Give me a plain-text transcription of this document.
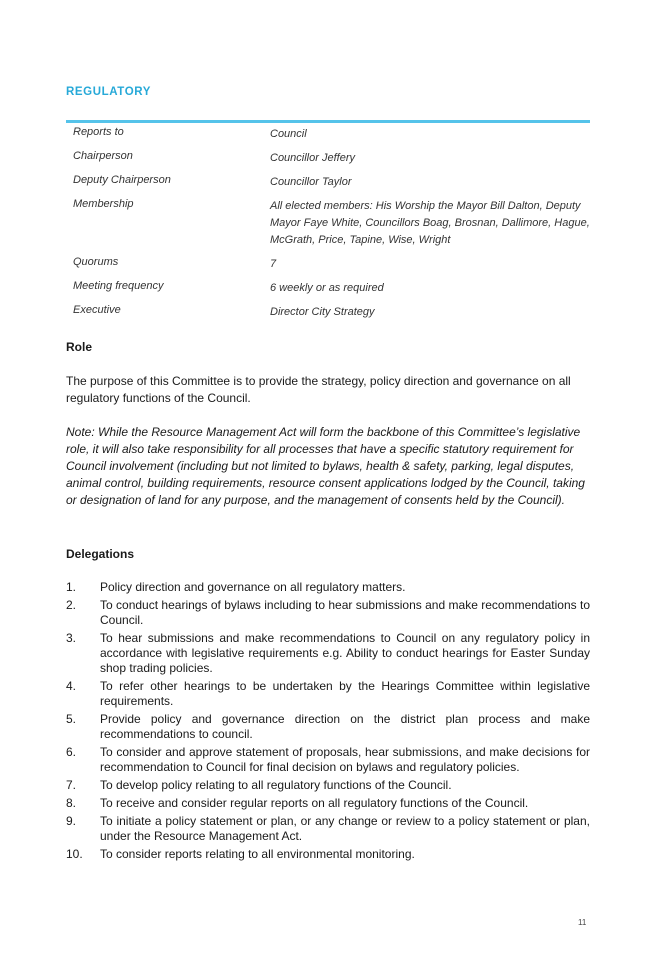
REGULATORY
Reports to	Council
Chairperson	Councillor Jeffery
Deputy Chairperson	Councillor Taylor
Membership	All elected members: His Worship the Mayor Bill Dalton, Deputy Mayor Faye White, Councillors Boag, Brosnan, Dallimore, Hague, McGrath, Price, Tapine, Wise, Wright
Quorums	7
Meeting frequency	6 weekly or as required
Executive	Director City Strategy
Role
The purpose of this Committee is to provide the strategy, policy direction and governance on all regulatory functions of the Council.
Note: While the Resource Management Act will form the backbone of this Committee’s legislative role, it will also take responsibility for all processes that have a specific statutory requirement for Council involvement (including but not limited to bylaws, health & safety, parking, legal disputes, animal control, building requirements, resource consent applications lodged by the Council, taking or designation of land for any purpose, and the management of consents held by the Council).
Delegations
1.	Policy direction and governance on all regulatory matters.
2.	To conduct hearings of bylaws including to hear submissions and make recommendations to Council.
3.	To hear submissions and make recommendations to Council on any regulatory policy in accordance with legislative requirements e.g. Ability to conduct hearings for Easter Sunday shop trading policies.
4.	To refer other hearings to be undertaken by the Hearings Committee within legislative requirements.
5.	Provide policy and governance direction on the district plan process and make recommendations to council.
6.	To consider and approve statement of proposals, hear submissions, and make decisions for recommendation to Council for final decision on bylaws and regulatory policies.
7.	To develop policy relating to all regulatory functions of the Council.
8.	To receive and consider regular reports on all regulatory functions of the Council.
9.	To initiate a policy statement or plan, or any change or review to a policy statement or plan, under the Resource Management Act.
10.	To consider reports relating to all environmental monitoring.
11
